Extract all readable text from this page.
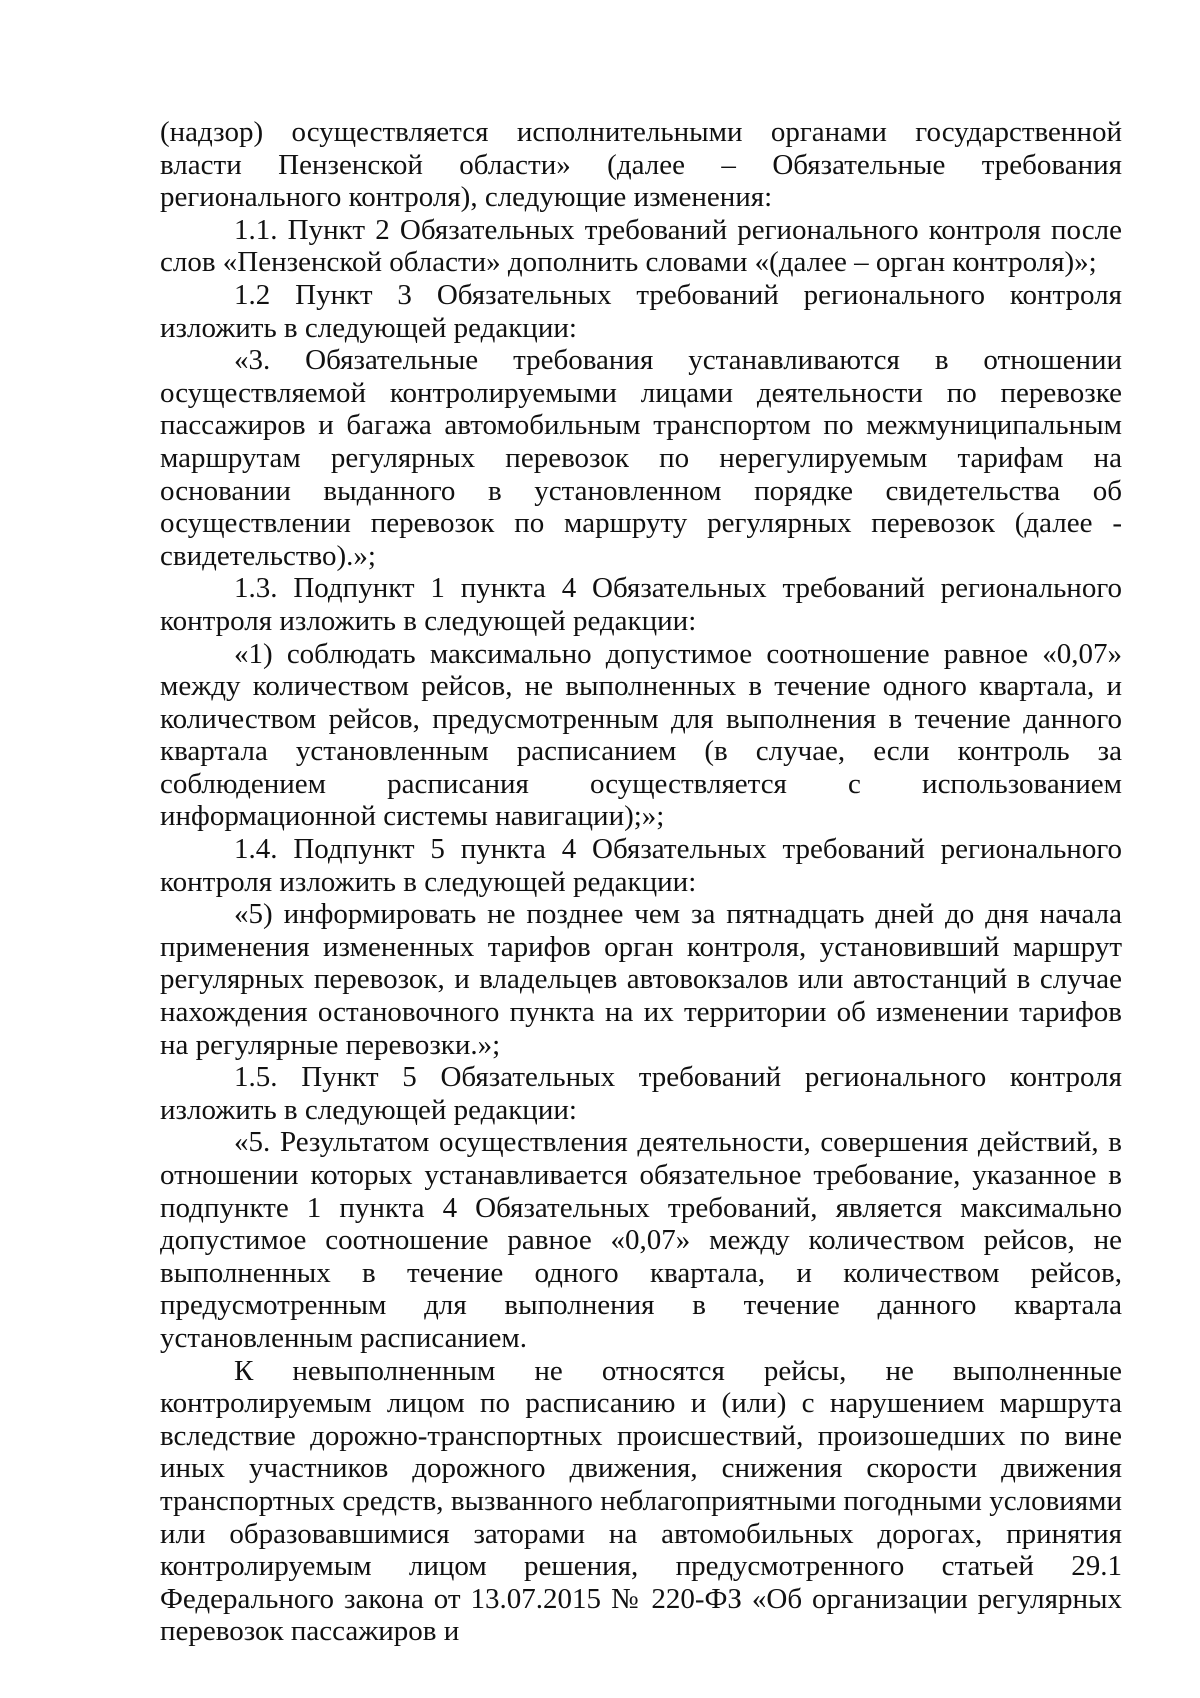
(надзор) осуществляется исполнительными органами государственной власти Пензенской области» (далее – Обязательные требования регионального контроля), следующие изменения:

1.1. Пункт 2 Обязательных требований регионального контроля после слов «Пензенской области» дополнить словами «(далее – орган контроля)»;

1.2 Пункт 3 Обязательных требований регионального контроля изложить в следующей редакции:

«3. Обязательные требования устанавливаются в отношении осуществляемой контролируемыми лицами деятельности по перевозке пассажиров и багажа автомобильным транспортом по межмуниципальным маршрутам регулярных перевозок по нерегулируемым тарифам на основании выданного в установленном порядке свидетельства об осуществлении перевозок по маршруту регулярных перевозок (далее - свидетельство).»;

1.3. Подпункт 1 пункта 4 Обязательных требований регионального контроля изложить в следующей редакции:

«1) соблюдать максимально допустимое соотношение равное «0,07» между количеством рейсов, не выполненных в течение одного квартала, и количеством рейсов, предусмотренным для выполнения в течение данного квартала установленным расписанием (в случае, если контроль за соблюдением расписания осуществляется с использованием информационной системы навигации);»;

1.4. Подпункт 5 пункта 4 Обязательных требований регионального контроля изложить в следующей редакции:

«5) информировать не позднее чем за пятнадцать дней до дня начала применения измененных тарифов орган контроля, установивший маршрут регулярных перевозок, и владельцев автовокзалов или автостанций в случае нахождения остановочного пункта на их территории об изменении тарифов на регулярные перевозки.»;

1.5. Пункт 5 Обязательных требований регионального контроля изложить в следующей редакции:

«5. Результатом осуществления деятельности, совершения действий, в отношении которых устанавливается обязательное требование, указанное в подпункте 1 пункта 4 Обязательных требований, является максимально допустимое соотношение равное «0,07» между количеством рейсов, не выполненных в течение одного квартала, и количеством рейсов, предусмотренным для выполнения в течение данного квартала установленным расписанием.

К невыполненным не относятся рейсы, не выполненные контролируемым лицом по расписанию и (или) с нарушением маршрута вследствие дорожно-транспортных происшествий, произошедших по вине иных участников дорожного движения, снижения скорости движения транспортных средств, вызванного неблагоприятными погодными условиями или образовавшимися заторами на автомобильных дорогах, принятия контролируемым лицом решения, предусмотренного статьей 29.1 Федерального закона от 13.07.2015 № 220-ФЗ «Об организации регулярных перевозок пассажиров и
